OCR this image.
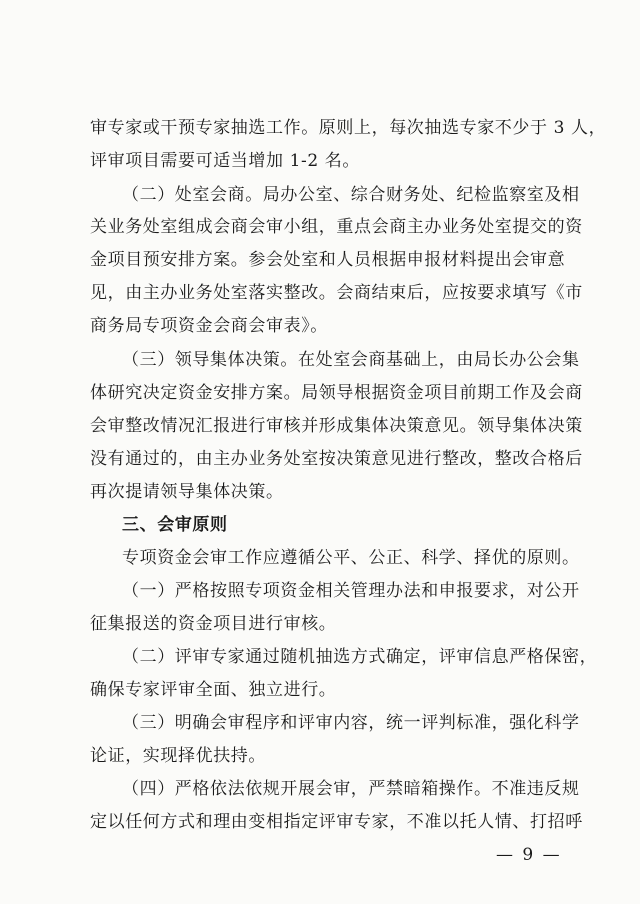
审专家或干预专家抽选工作。原则上，每次抽选专家不少于 3 人，
评审项目需要可适当增加 1-2 名。
（二）处室会商。局办公室、综合财务处、纪检监察室及相
关业务处室组成会商会审小组，重点会商主办业务处室提交的资
金项目预安排方案。参会处室和人员根据申报材料提出会审意
见，由主办业务处室落实整改。会商结束后，应按要求填写《市
商务局专项资金会商会审表》。
（三）领导集体决策。在处室会商基础上，由局长办公会集
体研究决定资金安排方案。局领导根据资金项目前期工作及会商
会审整改情况汇报进行审核并形成集体决策意见。领导集体决策
没有通过的，由主办业务处室按决策意见进行整改，整改合格后
再次提请领导集体决策。
三、会审原则
专项资金会审工作应遵循公平、公正、科学、择优的原则。
（一）严格按照专项资金相关管理办法和申报要求，对公开
征集报送的资金项目进行审核。
（二）评审专家通过随机抽选方式确定，评审信息严格保密，
确保专家评审全面、独立进行。
（三）明确会审程序和评审内容，统一评判标准，强化科学
论证，实现择优扶持。
（四）严格依法依规开展会审，严禁暗箱操作。不准违反规
定以任何方式和理由变相指定评审专家，不准以托人情、打招呼
— 9 —
